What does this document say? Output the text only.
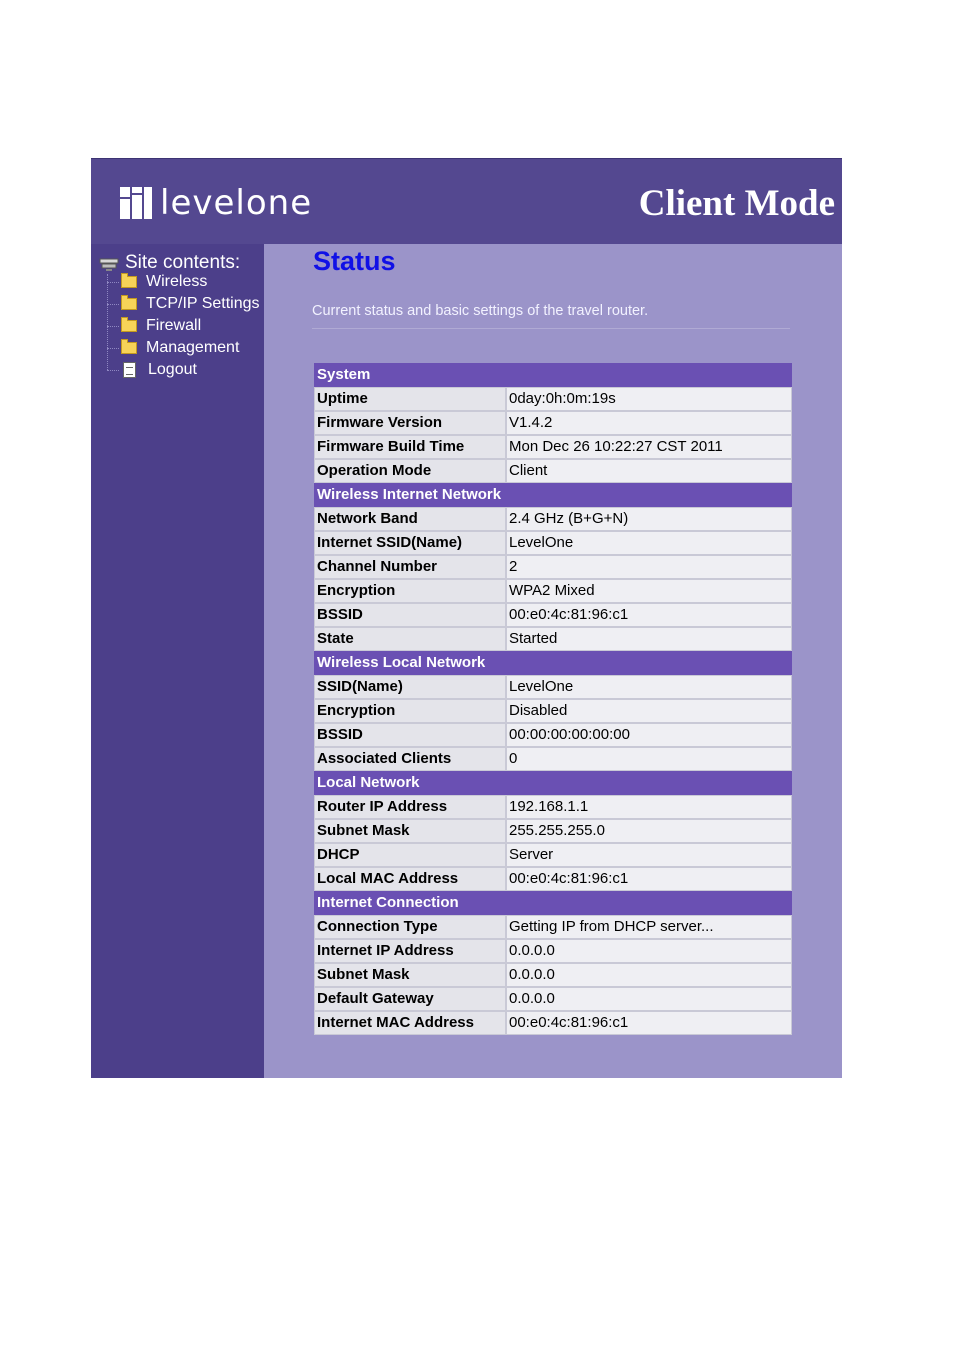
levelone	Client Mode
Site contents:
Wireless
TCP/IP Settings
Firewall
Management
Logout
Status
Current status and basic settings of the travel router.
System	
Uptime	0day:0h:0m:19s
Firmware Version	V1.4.2
Firmware Build Time	Mon Dec 26 10:22:27 CST 2011
Operation Mode	Client
Wireless Internet Network	
Network Band	2.4 GHz (B+G+N)
Internet SSID(Name)	LevelOne
Channel Number	2
Encryption	WPA2 Mixed
BSSID	00:e0:4c:81:96:c1
State	Started
Wireless Local Network	
SSID(Name)	LevelOne
Encryption	Disabled
BSSID	00:00:00:00:00:00
Associated Clients	0
Local Network	
Router IP Address	192.168.1.1
Subnet Mask	255.255.255.0
DHCP	Server
Local MAC Address	00:e0:4c:81:96:c1
Internet Connection	
Connection Type	Getting IP from DHCP server...
Internet IP Address	0.0.0.0
Subnet Mask	0.0.0.0
Default Gateway	0.0.0.0
Internet MAC Address	00:e0:4c:81:96:c1
